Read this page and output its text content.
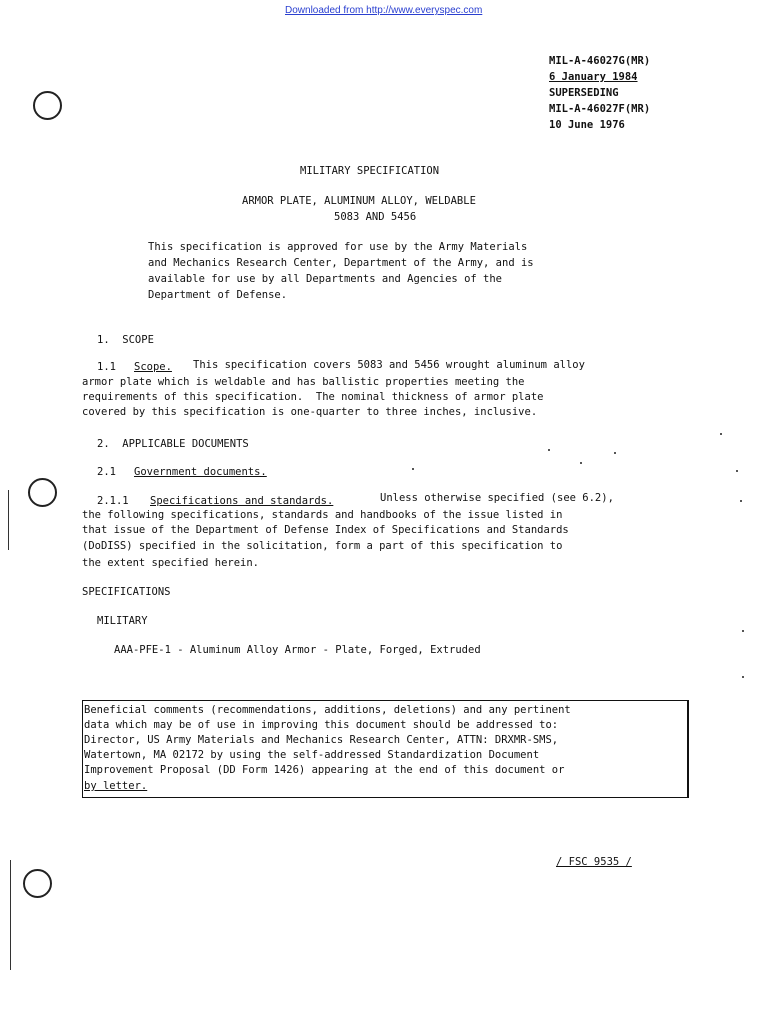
Downloaded from http://www.everyspec.com
MIL-A-46027G(MR)
6 January 1984
SUPERSEDING
MIL-A-46027F(MR)
10 June 1976
MILITARY SPECIFICATION
ARMOR PLATE, ALUMINUM ALLOY, WELDABLE
5083 AND 5456
This specification is approved for use by the Army Materials
and Mechanics Research Center, Department of the Army, and is
available for use by all Departments and Agencies of the
Department of Defense.
1.  SCOPE
1.1 Scope. This specification covers 5083 and 5456 wrought aluminum alloy
armor plate which is weldable and has ballistic properties meeting the
requirements of this specification.  The nominal thickness of armor plate
covered by this specification is one-quarter to three inches, inclusive.
2.  APPLICABLE DOCUMENTS
2.1 Government documents.
2.1.1 Specifications and standards.	Unless otherwise specified (see 6.2),
the following specifications, standards and handbooks of the issue listed in
that issue of the Department of Defense Index of Specifications and Standards
(DoDISS) specified in the solicitation, form a part of this specification to
the extent specified herein.
SPECIFICATIONS
MILITARY
AAA-PFE-1 - Aluminum Alloy Armor - Plate, Forged, Extruded
Beneficial comments (recommendations, additions, deletions) and any pertinent
data which may be of use in improving this document should be addressed to:
Director, US Army Materials and Mechanics Research Center, ATTN: DRXMR-SMS,
Watertown, MA 02172 by using the self-addressed Standardization Document
Improvement Proposal (DD Form 1426) appearing at the end of this document or
by letter.
/ FSC 9535 /
